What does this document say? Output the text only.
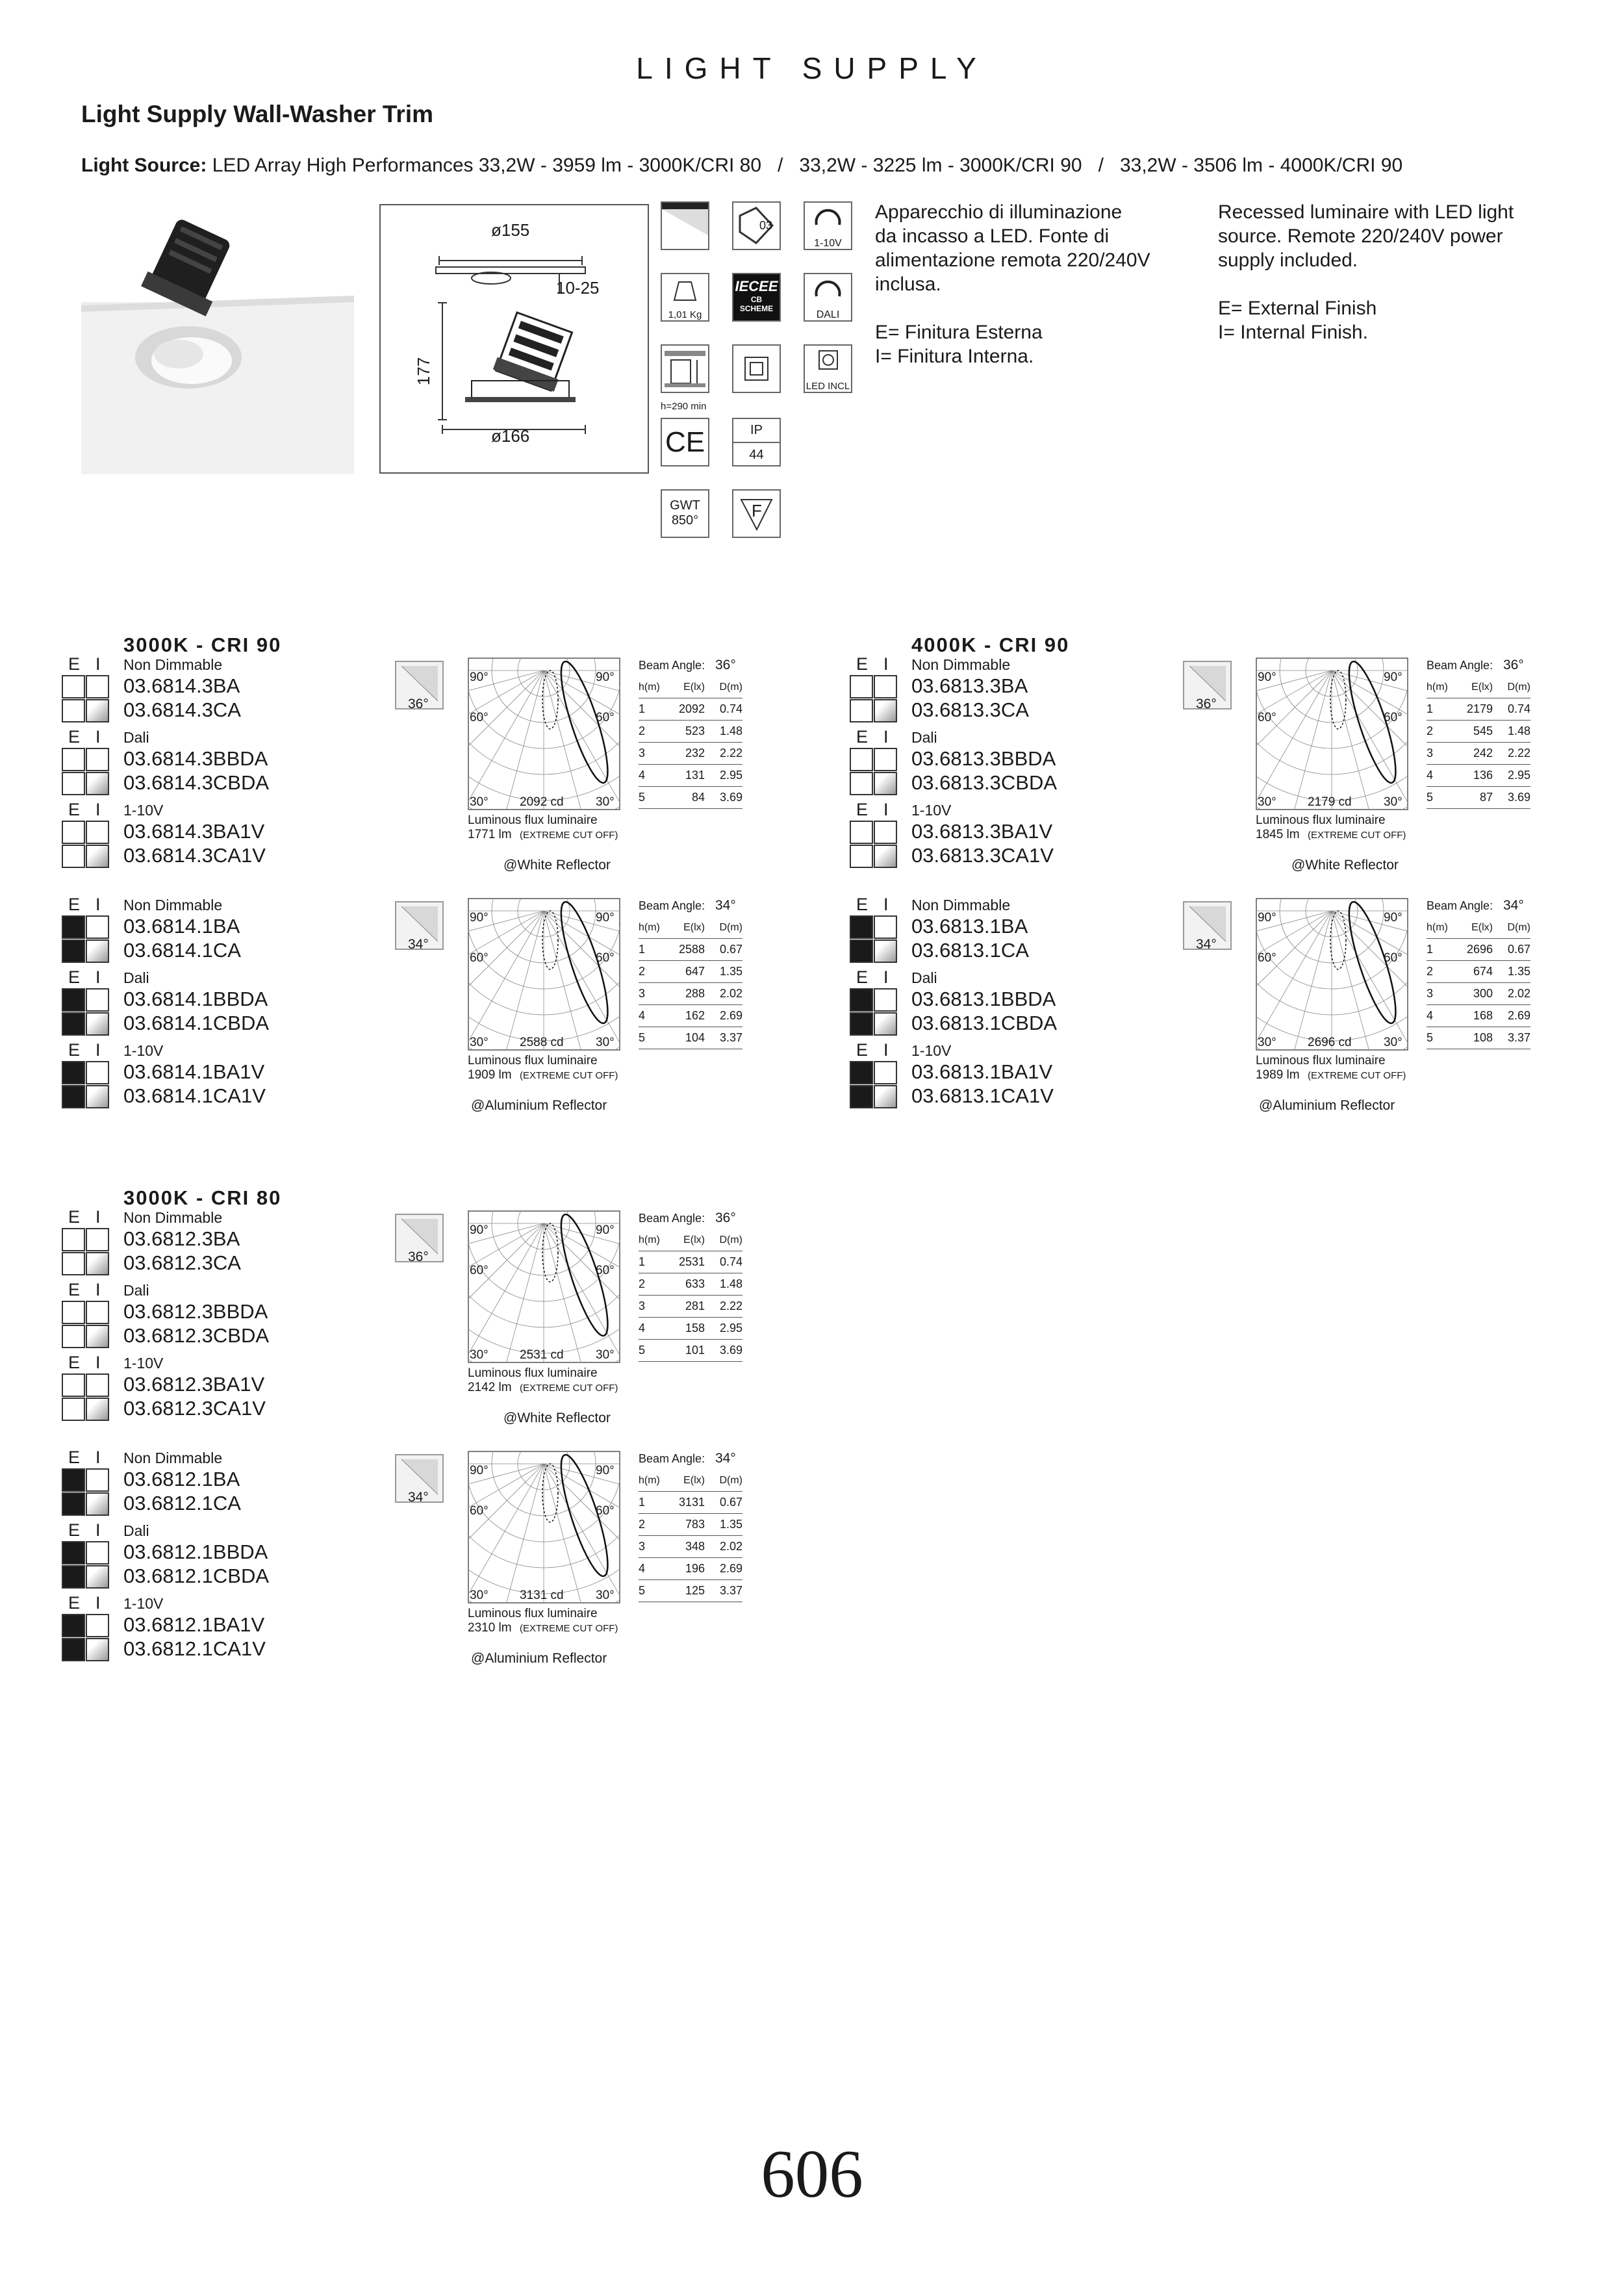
LIGHT SUPPLY
Light Supply Wall-Washer Trim
Light Source: LED Array High Performances 33,2W - 3959 lm - 3000K/CRI 80   /   33,2W - 3225 lm - 3000K/CRI 90   /   33,2W - 3506 lm - 4000K/CRI 90
ø155
10-25
177
ø166
03
1-10V
1,01 Kg
IECEE
CB
SCHEME
DALI
h=290 min
LED INCL
CE	IP
44
GWT
850°	F
Apparecchio di illuminazione
da incasso a LED. Fonte di
alimentazione remota 220/240V
inclusa.
E= Finitura Esterna
I= Finitura Interna.
Recessed luminaire with LED light
source. Remote 220/240V power
supply included.
E= External Finish
I= Internal Finish.
3000K - CRI 90
E I Non Dimmable
03.6814.3BA
03.6814.3CA
E I Dali
03.6814.3BBDA
03.6814.3CBDA
E I 1-10V
03.6814.3BA1V
03.6814.3CA1V
36°
90°	90°
60°	60°
30°	30°
2092 cd
Luminous flux luminaire
1771 lm (EXTREME CUT OFF)
@White Reflector
Beam Angle: 36°
h(m)	E(lx)	D(m)
1	2092	0.74
2	523	1.48
3	232	2.22
4	131	2.95
5	84	3.69
E I Non Dimmable
03.6814.1BA
03.6814.1CA
E I Dali
03.6814.1BBDA
03.6814.1CBDA
E I 1-10V
03.6814.1BA1V
03.6814.1CA1V
34°
90°	90°
60°	60°
30°	30°
2588 cd
Luminous flux luminaire
1909 lm (EXTREME CUT OFF)
@Aluminium Reflector
Beam Angle: 34°
h(m)	E(lx)	D(m)
1	2588	0.67
2	647	1.35
3	288	2.02
4	162	2.69
5	104	3.37
4000K - CRI 90
E I Non Dimmable
03.6813.3BA
03.6813.3CA
E I Dali
03.6813.3BBDA
03.6813.3CBDA
E I 1-10V
03.6813.3BA1V
03.6813.3CA1V
36°
90°	90°
60°	60°
30°	30°
2179 cd
Luminous flux luminaire
1845 lm (EXTREME CUT OFF)
@White Reflector
Beam Angle: 36°
h(m)	E(lx)	D(m)
1	2179	0.74
2	545	1.48
3	242	2.22
4	136	2.95
5	87	3.69
E I Non Dimmable
03.6813.1BA
03.6813.1CA
E I Dali
03.6813.1BBDA
03.6813.1CBDA
E I 1-10V
03.6813.1BA1V
03.6813.1CA1V
34°
90°	90°
60°	60°
30°	30°
2696 cd
Luminous flux luminaire
1989 lm (EXTREME CUT OFF)
@Aluminium Reflector
Beam Angle: 34°
h(m)	E(lx)	D(m)
1	2696	0.67
2	674	1.35
3	300	2.02
4	168	2.69
5	108	3.37
3000K - CRI 80
E I Non Dimmable
03.6812.3BA
03.6812.3CA
E I Dali
03.6812.3BBDA
03.6812.3CBDA
E I 1-10V
03.6812.3BA1V
03.6812.3CA1V
36°
90°	90°
60°	60°
30°	30°
2531 cd
Luminous flux luminaire
2142 lm (EXTREME CUT OFF)
@White Reflector
Beam Angle: 36°
h(m)	E(lx)	D(m)
1	2531	0.74
2	633	1.48
3	281	2.22
4	158	2.95
5	101	3.69
E I Non Dimmable
03.6812.1BA
03.6812.1CA
E I Dali
03.6812.1BBDA
03.6812.1CBDA
E I 1-10V
03.6812.1BA1V
03.6812.1CA1V
34°
90°	90°
60°	60°
30°	30°
3131 cd
Luminous flux luminaire
2310 lm (EXTREME CUT OFF)
@Aluminium Reflector
Beam Angle: 34°
h(m)	E(lx)	D(m)
1	3131	0.67
2	783	1.35
3	348	2.02
4	196	2.69
5	125	3.37
606
